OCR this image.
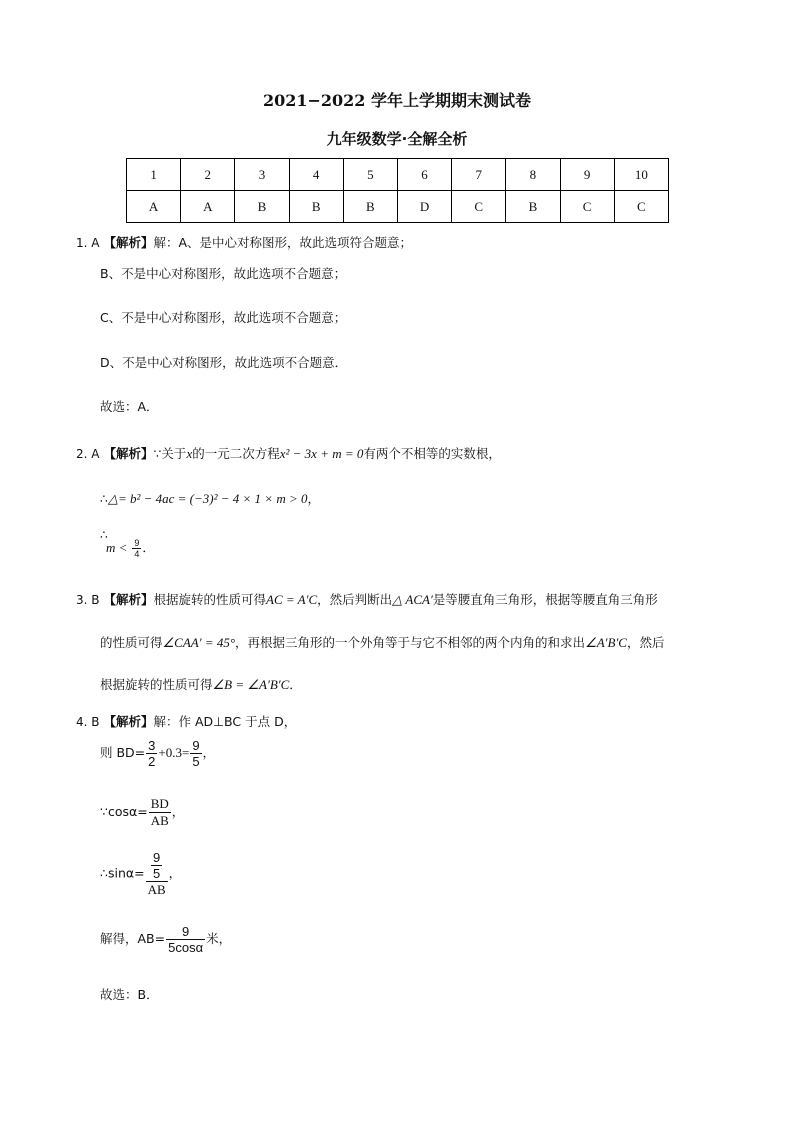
2021−2022 学年上学期期末测试卷
九年级数学·全解全析
1	2	3	4	5	6	7	8	9	10
A	A	B	B	B	D	C	B	C	C
1. A 【解析】解：A、是中心对称图形，故此选项符合题意；
B、不是中心对称图形，故此选项不合题意；
C、不是中心对称图形，故此选项不合题意；
D、不是中心对称图形，故此选项不合题意．
故选：A．
2. A 【解析】∵关于x的一元二次方程x² − 3x + m = 0有两个不相等的实数根，
∴△= b² − 4ac = (−3)² − 4 × 1 × m > 0，
∴
$m < \frac{9}{4}$ ．
3. B 【解析】根据旋转的性质可得AC = A′C，然后判断出△ ACA′是等腰直角三角形，根据等腰直角三角形
的性质可得∠CAA′ = 45°，再根据三角形的一个外角等于与它不相邻的两个内角的和求出∠A′B′C，然后
根据旋转的性质可得∠B = ∠A′B′C．
4. B 【解析】解：作 AD⊥BC 于点 D，
则 $BD= \frac{3}{2} +0.3= \frac{9}{5}$ ，
∵cosα= $\frac{BD}{AB}$ ，
∴sinα= $\frac{\frac{9}{5}}{AB}$ ，
解得，$AB= \frac{9}{5\cos\alpha}$ 米，
故选：B．
